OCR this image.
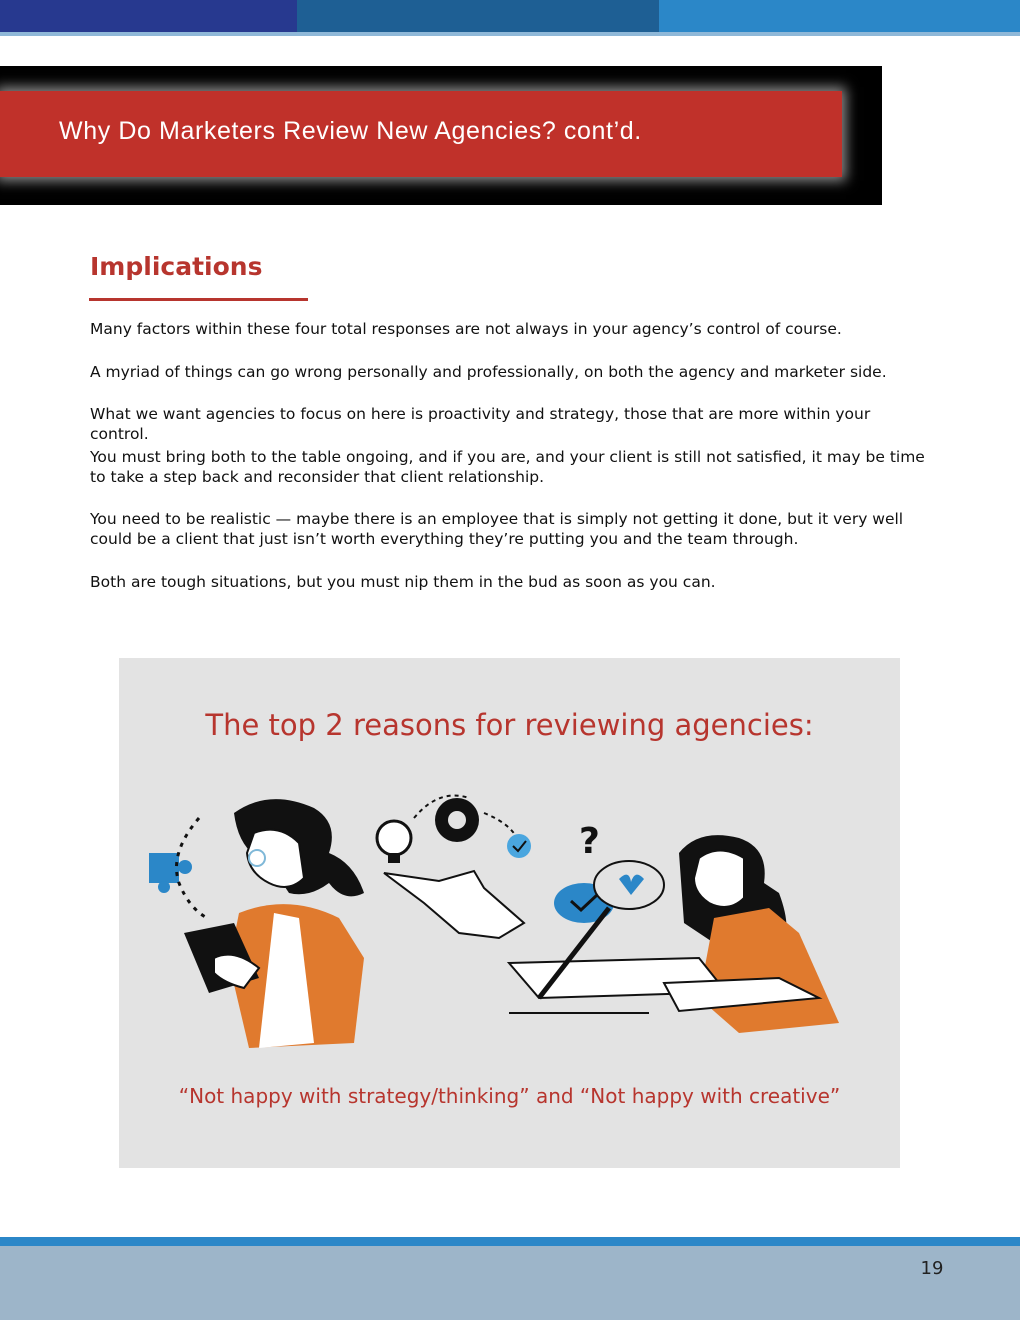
Why Do Marketers Review New Agencies? cont’d.
Implications

Many factors within these four total responses are not always in your agency’s control of course.

A myriad of things can go wrong personally and professionally, on both the agency and marketer side.

What we want agencies to focus on here is proactivity and strategy, those that are more within your control.

You must bring both to the table ongoing, and if you are, and your client is still not satisfied, it may be time to take a step back and reconsider that client relationship.

You need to be realistic — maybe there is an employee that is simply not getting it done, but it very well could be a client that just isn’t worth everything they’re putting you and the team through.

Both are tough situations, but you must nip them in the bud as soon as you can.

The top 2 reasons for reviewing agencies:
?
“Not happy with strategy/thinking” and “Not happy with creative”
19
